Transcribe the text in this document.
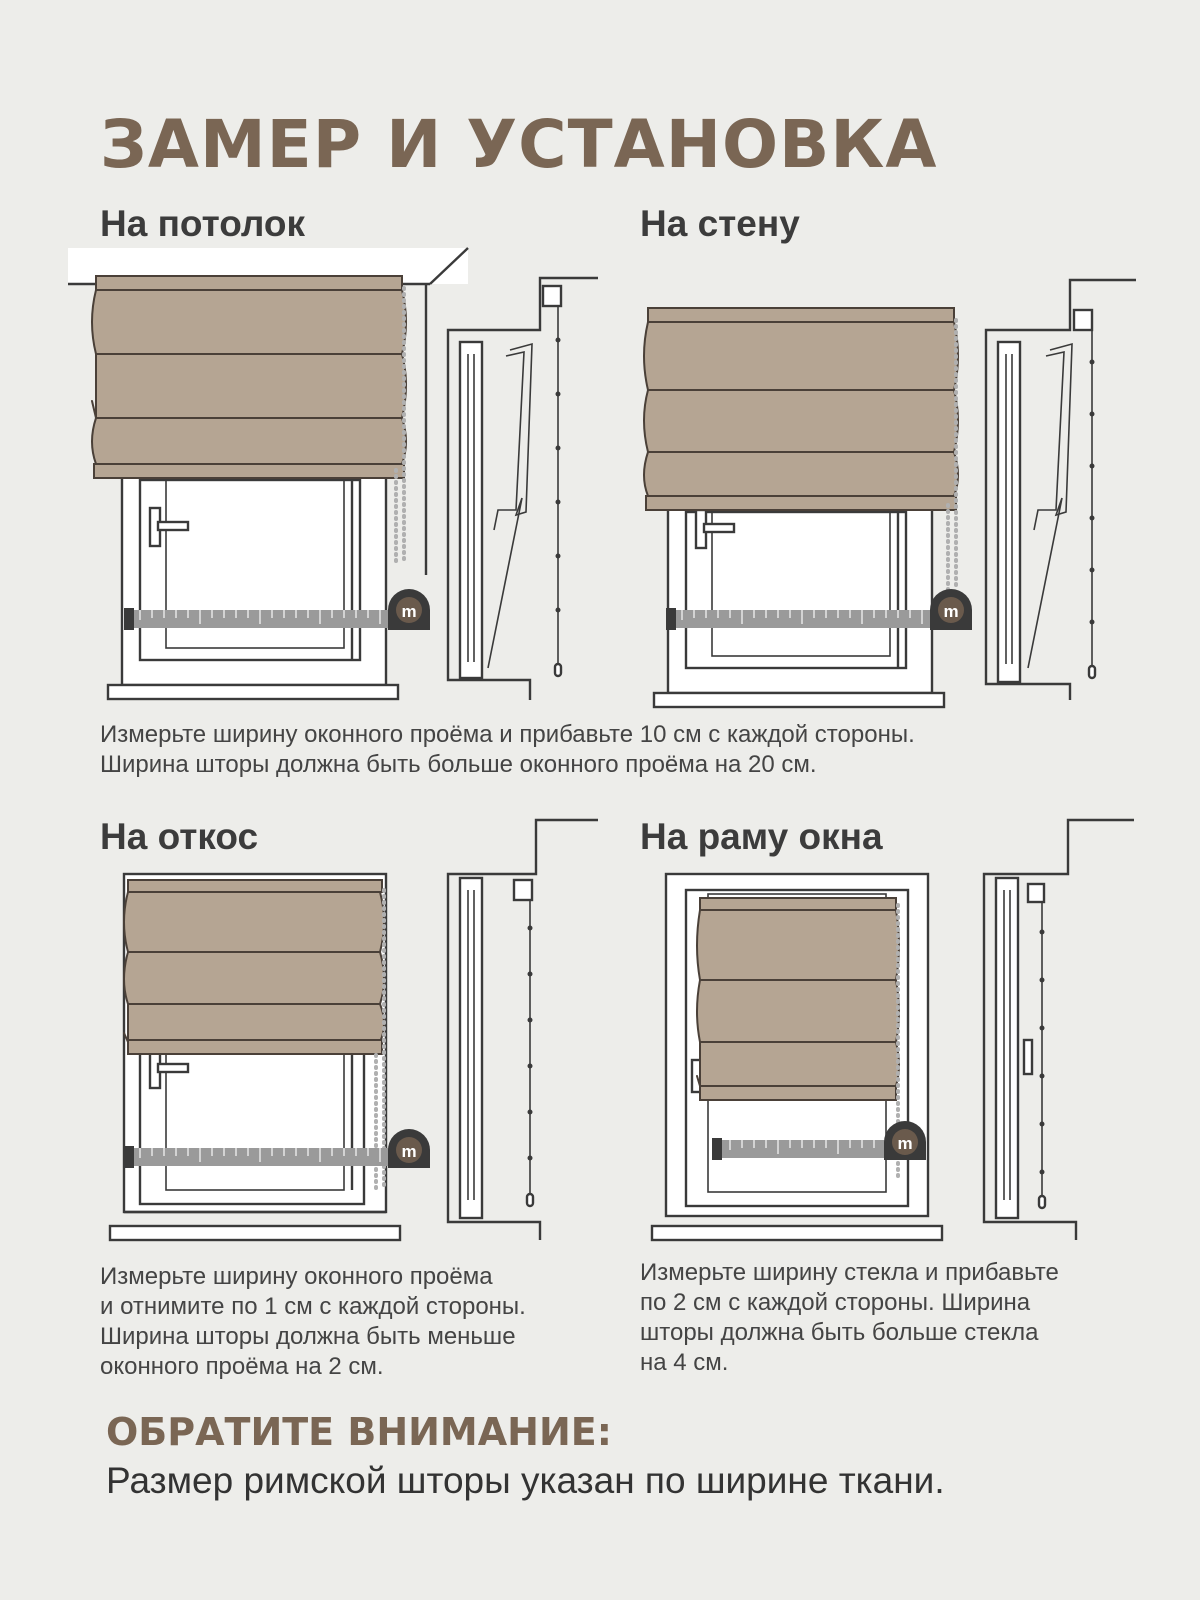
ЗАМЕР И УСТАНОВКА
На потолок	На стену
На откос	На раму окна
m	m
m	m
Измерьте ширину оконного проёма и прибавьте 10 см с каждой стороны.
Ширина шторы должна быть больше оконного проёма на 20 см.
Измерьте ширину оконного проёма
и отнимите по 1 см с каждой стороны.
Ширина шторы должна быть меньше
оконного проёма на 2 см.
Измерьте ширину стекла и прибавьте
по 2 см с каждой стороны. Ширина
шторы должна быть больше стекла
на 4 см.
ОБРАТИТЕ ВНИМАНИЕ:
Размер римской шторы указан по ширине ткани.
